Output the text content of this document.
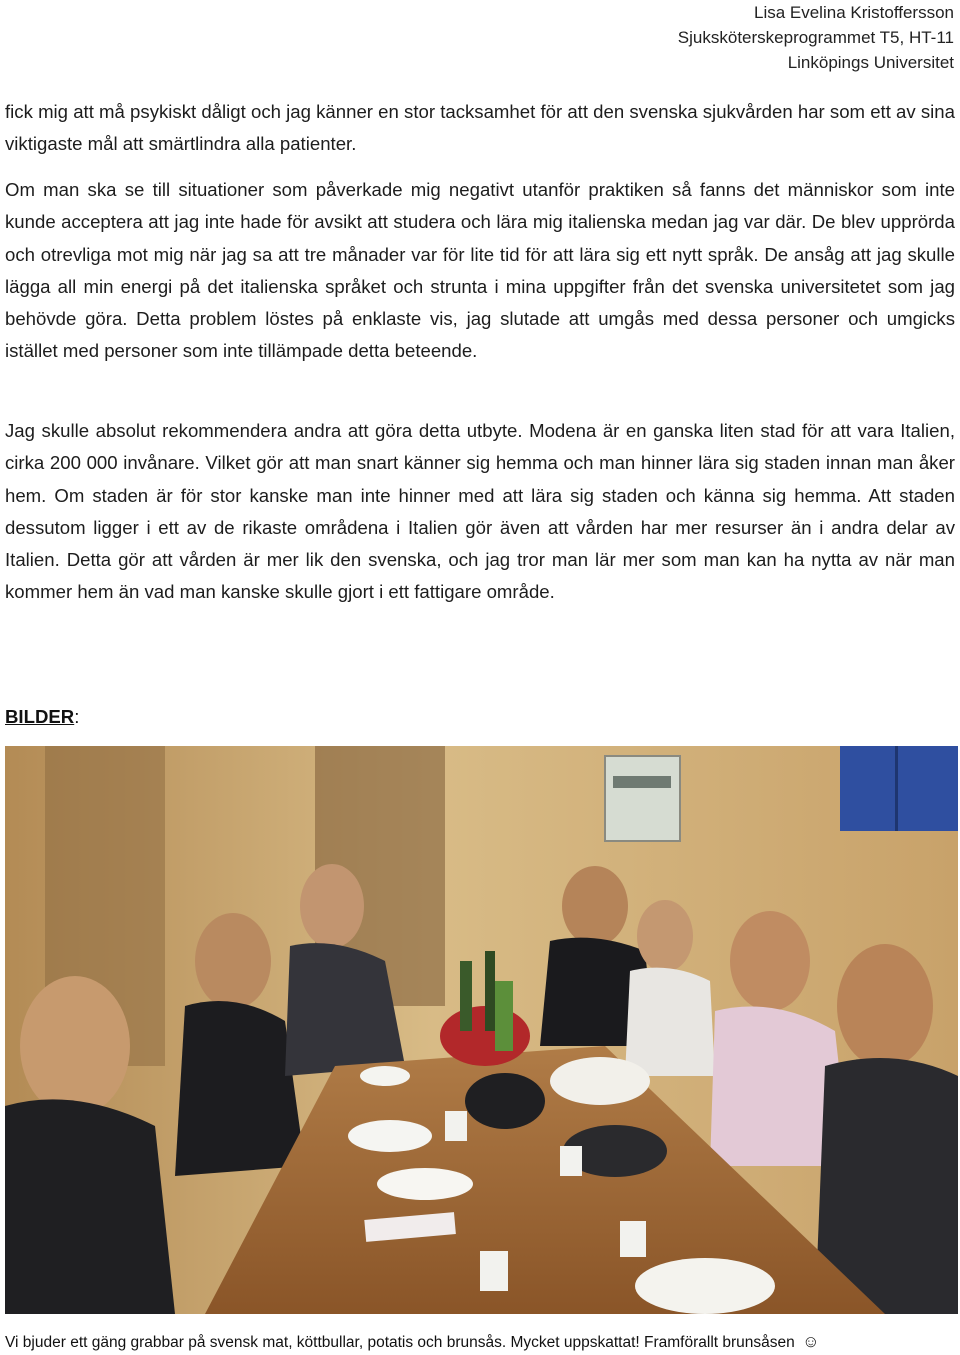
Lisa Evelina Kristoffersson
Sjuksköterskeprogrammet T5, HT-11
Linköpings Universitet

fick mig att må psykiskt dåligt och jag känner en stor tacksamhet för att den svenska sjukvården har som ett av sina viktigaste mål att smärtlindra alla patienter.

Om man ska se till situationer som påverkade mig negativt utanför praktiken så fanns det människor som inte kunde acceptera att jag inte hade för avsikt att studera och lära mig italienska medan jag var där. De blev upprörda och otrevliga mot mig när jag sa att tre månader var för lite tid för att lära sig ett nytt språk. De ansåg att jag skulle lägga all min energi på det italienska språket och strunta i mina uppgifter från det svenska universitetet som jag behövde göra. Detta problem löstes på enklaste vis, jag slutade att umgås med dessa personer och umgicks istället med personer som inte tillämpade detta beteende.

Jag skulle absolut rekommendera andra att göra detta utbyte. Modena är en ganska liten stad för att vara Italien, cirka 200 000 invånare. Vilket gör att man snart känner sig hemma och man hinner lära sig staden innan man åker hem. Om staden är för stor kanske man inte hinner med att lära sig staden och känna sig hemma. Att staden dessutom ligger i ett av de rikaste områdena i Italien gör även att vården har mer resurser än i andra delar av Italien. Detta gör att vården är mer lik den svenska, och jag tror man lär mer som man kan ha nytta av när man kommer hem än vad man kanske skulle gjort i ett fattigare område.

BILDER:
Vi bjuder ett gäng grabbar på svensk mat, köttbullar, potatis och brunsås. Mycket uppskattat! Framförallt brunsåsen ☺
